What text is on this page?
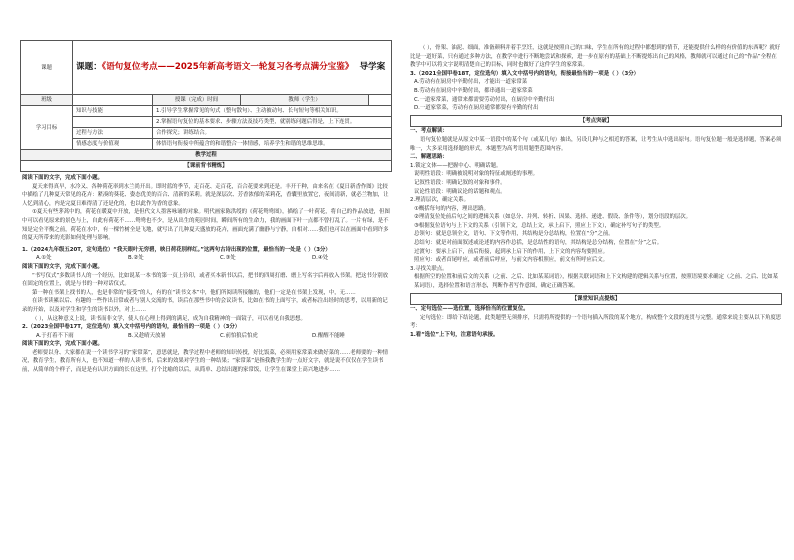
课题	课题：《语句复位考点——2025年新高考语文一轮复习各考点满分宝鉴》 导学案			
班级		授课（完成）时间	教师（学生）	
学习目标	知识与技能	1.引导学生掌握常见的句式（整句散句）、主动被动句、长句短句等相关知识。		
		2.掌握语句复位的基本要求、步骤方法及技巧类型，就别练问题后得是，上下连贯。		
	过程与方法	合作探究；讲练结合。		
	情感态度与价值观	体悟语句衔接中所蕴含的和谐整合一体情感，培养学生和谐的思维思维。		
教学过程				
【课前背书精炼】				

阅读下面的文字，完成下面小题。

夏天来得真早，水冷又、各种荷花率到水兰尚开出。即时蓝的季节，走百花、走百花，百合花要来到还是。丰开千种，由来名在《夏日新香作图》比较中描绘了几种夏天常见的花卉：紧凑的葵花、姿态优美的百合、清新的茉莉。就是深层次、芳香浓郁的茉莉花，香囊里放置它，夜间清新，就必兰物加，让人忆到清心，内是完夏日难得清了还是化的，也以此作为香的意象。

①夏天有些茅蒿中的，荷花在暖夏中开放，是但代文人墨客咏诵的对象。明代画家陈洪绶的《荷花鸳鸯图》，描绘了一叶荷花，将自己的作品放进，但图中可以看见原来的景色与上，自此有荷花不……鸳鸯也不少，是从出生的苑居时间，瞬间所有的生命力，我的画面下叶一点都不曾打乱了。一片有绿，是不知是完全平衡之前，荷花在水中，有一棵竹树全是飞地，就写出了几种夏天盛放的花卉，画面充满了幽静与宁静，自相对……我们也可以在画面中看到许多的夏天所带来的光影如何处理与影响。

1.（2024九年级五20T，定句选位）“我天眼叶无穷碧，映日荷花别样红。”这两句古诗出现的位置，最恰当的一处是（ ）（3分）

A.①处	B.②处	C.③处	D.④处

阅读下面的文字，完成下面小题。

“书写仪式”多数读书人的一个经历，比如说某一本书的第一页上钤印，或者买本新书以后，把书的四周打磨、磨上写名字后再放入书架。把这书分别放在固定的位置上，就是与书的一种对话仪式。

第一种在书架上找书的人，也是非常的“接受”的人，有的在“读书文本”中，他们所阅读所接触的，他们一定是在书架上发现，中，无……

在读书读累以后、有趣的一些作出日常或者与别人交流的书，读后在那些书中的会议读书，比如在书的上面写字，或者标注出经时的思考，以用新的记录的开始，以及对学生和学生的读书以外，对上……

（ ），从这种意义上说，读书而非文学，使人在心理上得到的满足，成为自我精神的一面镜子，可以看见自我思想。

2.（2023全国甲卷17T，定位选句）填入文中括号内的语句，最恰当的一项是（ ）（3分）

A.于打着不下雨	B.又趁晴天放暑	C.前怕狼后怕虎	D.醒醒不能睡

阅读下面的文字，完成下面小题。

老师要以身、大家都在说一个读书学习的“家常菜”，意思就是，教学过程中老师的知识传授，好比饭菜，必须用家常菜来做好菜的……老师要的一种情况，教育学生，教育所有人，也不知道一样的人读书书，后来的效果对学生的一种结果；“家常菜”是指我教学生的一点好文字，就是说不仅仅在学生读书前，从简单的个样子，而是是有认识方面的长在这里，打个比喻的以后，从简单、总结出题的家常饭，让学生在课堂上高兴地进步……

（ ），骨架、油泥、细面，准备颜料并着手烹饪，这就是按照自己的口味，学生在所有的过程中都想到的情节，还能提供什么样的有价值的东西呢？就好比是一道好菜，只有通过多种方法，在教学中进行不断地尝试和探索，进一步在原有的基础上不断提炼出自己的风格，教师就可以通过自己的“作品”全程在教学中可以将文字说明清楚自己的目标，同时也做好了这件学生的家常菜。

3.（2021全国甲卷18T，定位选句）填入文中括号内的语句，衔接最恰当的一项是（ ）（3分）

A.劳动有在厨房中辛勤付出，才能出一道家常菜

B.劳动有在厨房中辛勤付出，都串通出一道家常菜

C.一道家常菜，通常来都需要劳动付出，在厨房中辛勤付出

D.一道家常菜，劳动有在厨房通常都要有辛勤的付出

【考点突破】

一、考点解读：

语句复位题就是从原文中某一语段中的某个句（或某几句）抽出，另设几种与之相近的答案，让考生从中选出原句。语句复位题一般是选择题，答案必须唯一，大多采用选择题的形式，本题型为高考语用题型范围内容。

二、解题思路：

1.锁定文体——把握中心、明确话题。

说明性语段：明确被说明对象的特征或阐述的事理。

记叙性语段：明确记叙的对象和事件。

议论性语段：明确议论的话题和观点。

2.理清层次，确定关系。

①概括每句的内容，理出思路。

②理清复位处前后句之间的逻辑关系（如总分、并列、转折、因果、选择、递进、假设、条件等），划分语段的层次。

③根据复位语句与上下文的关系（引领下文，总结上文，承上启下，照应上下文），确定补写句子的类型。

总领句：就是总领全文，语句、下文等作用，其结构是分总结构，位置在“分”之前。

总结句：就是对前面叙述或论述的内容作总括，是总结性的语句，其结构是总分结构，位置在“分”之后。

过渡句：要承上启下，前后衔接，起到承上启下的作用，上下文的内容均要照应。

照应句：或者首尾呼应，或者前后呼应，与前文内容相照应，前文有所呼应后文。

3.寻找关联点。

根据所空的位置和前后文的关系（之前、之后、比如某某词语），根据关联词语和上下文构建的逻辑关系与位置，按照语境要求确定（之前、之后、比如某某词语），选择位置和语言形态，判断作者写作意图，确定正确答案。

【课堂知识点提炼】

一、定句选位——选位置，选择恰当的位置复位。

定句选位：即给下结论题，此类题型无须排序，只需将所提供的一个语句插入所段的某个地方，构成整个文段的连贯与完整。通常来说主要从以下角度思考：

1.看“选位”上下句，注意语句承接。
